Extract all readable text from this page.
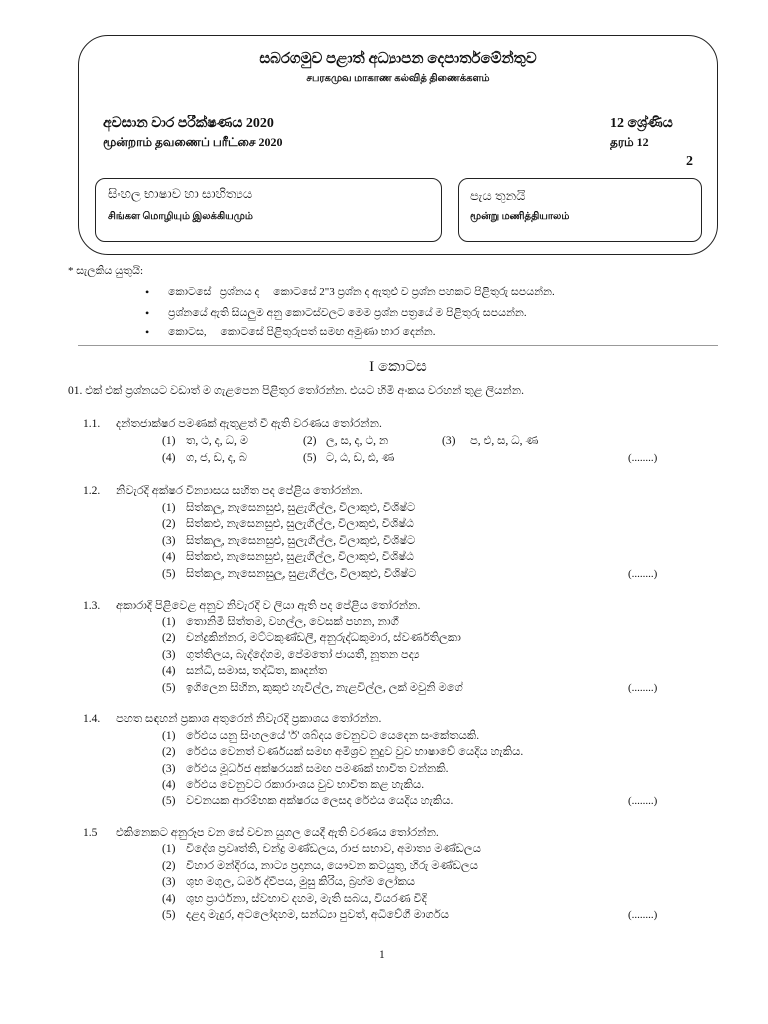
සබරගමුව පළාත් අධ්‍යාපන දෙපාර්තමේන්තුව
சபரகமுவ மாகாண கல்வித் திணைக்களம்
අවසාන වාර පරීක්ෂණය 2020
மூன்றாம் தவணைப் பரீட்சை 2020
12 ශ්‍රේණිය
தரம் 12
2
සිංහල භාෂාව හා සාහිත්‍යය
சிங்கள மொழியும் இலக்கியமும்
පැය තුනයි
மூன்று மணித்தியாலம்
* සැලකිය යුතුයි:
• කොටසේ   ප්‍රශ්නය ද     කොටසේ 2"3 ප්‍රශ්න ද ඇතුළු ව ප්‍රශ්න පහකට පිළිතුරු සපයන්න.
• ප්‍රශ්නයේ ඇති සියලුම අනු කොටස්වලට මෙම ප්‍රශ්න පත්‍රයේ ම පිළිතුරු සපයන්න.
• කොටස,     කොටසේ පිළිතුරුපත් සමඟ අමුණා භාර දෙන්න.
I කොටස
01. එක් එක් ප්‍රශ්නයට වඩාත් ම ගැළපෙන පිළිතුර තෝරන්න. එයට හිමි අංකය වරහන් තුළ ලියන්න.
1.1. දන්තජාක්ෂර පමණක් ඇතුළත් වී ඇති වරණය තෝරන්න.
(1) ත, ථ, ද, ධ, ම	(2) ල, ස, ද, ථ, න	(3) ප, එ, ස, ධ, ණ
(4) ග, ජ, ඩ, ද, බ	(5) ට, ඨ, ඩ, ඪ, ණ	(........)
1.2. නිවැරදි අක්ෂර වින්‍යාසය සහිත පද පේළිය තෝරන්න.
(1) සිත්කලු, නැසෙනසුළු, සුළැගිල්ල, විලාකුළු, විශිෂ්ට
(2) සිත්කළු, නැසෙනසුළු, සුලැගිල්ල, විලාකුළු, විශිෂ්ඨ
(3) සිත්කලු, නැසෙනසුළු, සුලැගිල්ල, විලාකුළු, විශිෂ්ට
(4) සිත්කළු, නැසෙනසුළු, සුළැගිල්ල, විලාකුළු, විශිෂ්ඨ
(5) සිත්කලු, නැසෙනසුලු, සුළැගිල්ල, විලාකුළු, විශිෂ්ට	(........)
1.3. අකාරාදි පිළිවෙළ අනුව නිවැරදි ව ලියා ඇති පද පේළිය තෝරන්න.
(1) තොනිමී සිත්තම, වහල්ල, වෙසක් පහන, නාගී
(2) චන්ද්‍රකින්නර, මට්ටකුණ්ඩලී, අනුරුද්ධකුමාර, ස්වර්ණතිලකා
(3) ගුත්තිලය, බැද්දේගම, පේමතෝ ජායතී, නූතන පද්‍ය
(4) සන්ධි, සමාස, තද්ධිත, කෘදන්ත
(5) ඉගිලෙන සිහින, කුකුළු හැවිල්ල, නැළවිල්ල, ලක් මවුනි මගේ	(........)
1.4. පහත සඳහන් ප්‍රකාශ අතුරෙන් නිවැරදි ප්‍රකාශය තෝරන්න.
(1) රේඵය යනු සිංහලයේ 'ර්' ශබ්දය වෙනුවට යෙදෙන සංකේතයකි.
(2) රේඵය වෙනත් වර්ණයක් සමඟ අමිශ්‍රව නුදුව වුව භාෂාවේ යෙදිය හැකිය.
(3) රේඵය මූර්ධජ අක්ෂරයක් සමඟ පමණක් භාවිත වන්නකි.
(4) රේඵය වෙනුවට රකාරාංශය වුව භාවිත කළ හැකිය.
(5) වචනයක ආරම්භක අක්ෂරය ලෙසද රේඵය යෙදිය හැකිය.	(........)
1.5 එකිනෙකට අනුරූප වන සේ වචන යුගල යෙදී ඇති වරණය තෝරන්න.
(1) විදේශ ප්‍රවෘත්ති, චන්ද්‍ර මණ්ඩලය, රාජ සභාව, අමාත්‍ය මණ්ඩලය
(2) විහාර මන්දිරය, නාට්‍ය ප්‍රදානය, යෞවන කටයුතු, හිරු මණ්ඩලය
(3) ශුභ මගුල, ධර්ම ද්වීපය, මුසු කිරිය, බ්‍රහ්ම ලෝකය
(4) ශුභ ප්‍රාර්ථනා, ස්වභාව දහම, මැති සබය, වියරණ විදි
(5) දළදා මැදුර, අටලෝදහම, සන්ධ්‍යා පුවත්, අධිවේගී මාර්ගය	(........)
1
